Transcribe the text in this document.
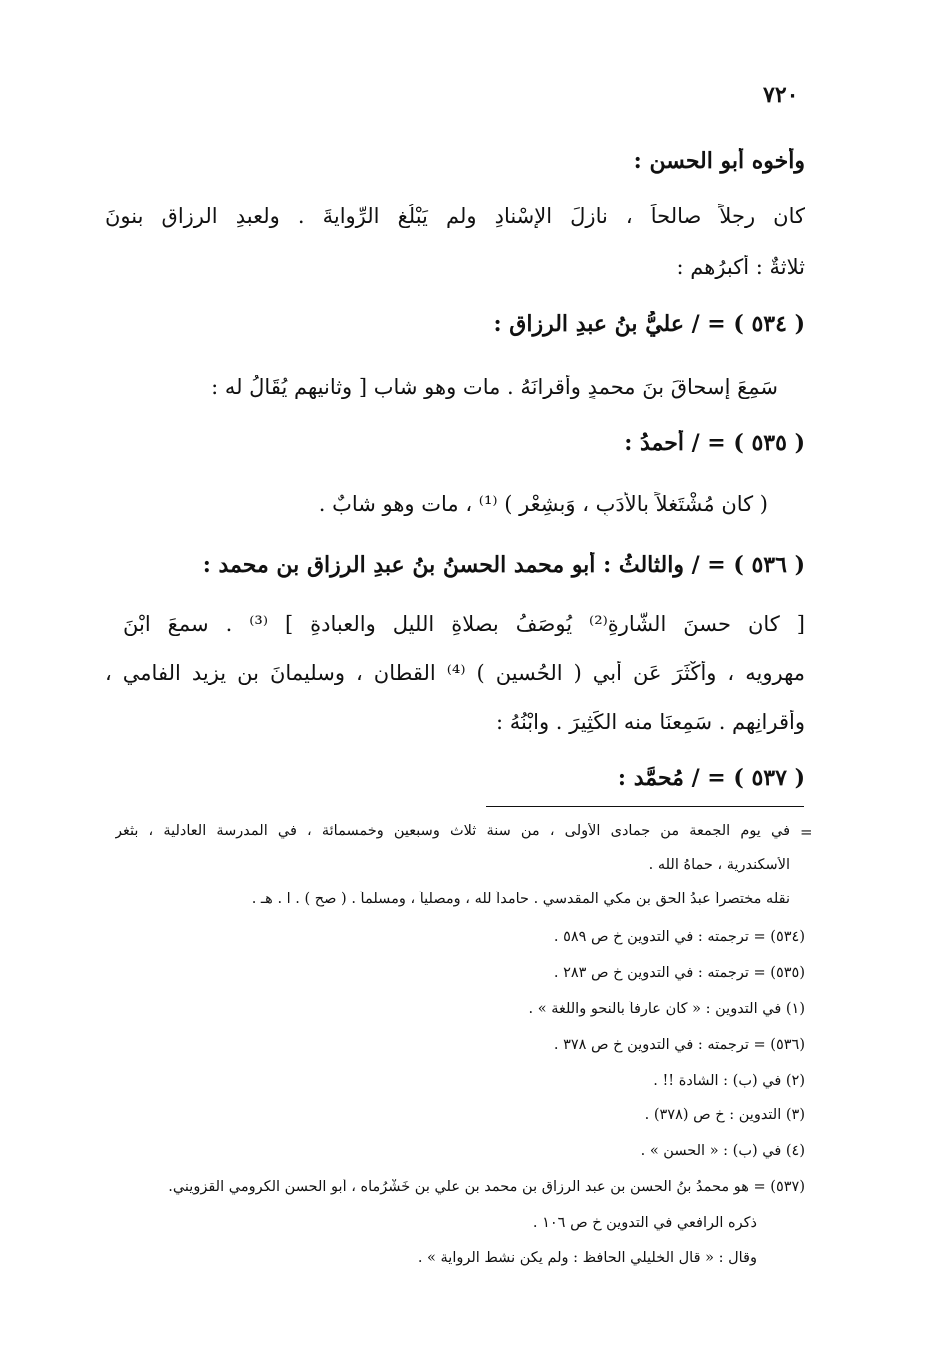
٧٢٠
وأخوه أبو الحسن :
كان رجلاً صالحاً ، نازلَ الإسْنادِ ولم يَبْلُغ الرِّوايةَ . ولعبدِ الرزاقِ بنونَ
ثلاثةٌ : أكبرُهم :
( ٥٣٤ ) = / عليُّ بنُ عبدِ الرزاق :
سَمِعَ إسحاقَ بنَ محمدٍ وأقرانَهُ . مات وهو شاب [ وثانيهم يُقَالُ له :
( ٥٣٥ ) = / أحمدُ :
( كان مُشْتَغلاً بالأَدَبِ ، وَبشِعْرٍ ) ⁽¹⁾ ، مات وهو شابٌ .
( ٥٣٦ ) = / والثالثُ : أبو محمد الحسنُ بنُ عبدِ الرزاق بنِ محمد :
[ كان حسنَ الشَّارةِ⁽²⁾ يُوصَفُ بصلاةِ الليلِ والعبادةِ ] ⁽³⁾ . سمعَ ابْنَ
مهرويه ، وأَكْثَرَ عَن أبي ( الحُسين ) ⁽⁴⁾ القطانِ ، وسليمانَ بن يزيد الفامي ،
وأقرانِهم . سَمِعنَا منه الكَثِيرَ . وابْنُهُ :
( ٥٣٧ ) = / مُحمَّد :
=
في يوم الجمعة من جمادى الأولى ، من سنة ثلاث وسبعين وخمسمائة ، في المدرسة العادلية ، بثغر
الأسكندرية ، حماهُ الله .
نقله مختصراً عبدُ الحق بن مكي المقدسي . حامداً لله ، ومصلياً ، ومسلماً . ( صح ) . ا . هـ .
(٥٣٤) = ترجمته : في التدوين خ ص ٥٨٩ .
(٥٣٥) = ترجمته : في التدوين خ ص ٢٨٣ .
(١) في التدوين : « كان عارفاً بالنحو واللغة » .
(٥٣٦) = ترجمته : في التدوين خ ص ٣٧٨ .
(٢) في (ب) : الشادة !! .
(٣) التدوين : خ ص (٣٧٨) .
(٤) في (ب) : « الحسن » .
(٥٣٧) = هو محمدُ بنُ الحسن بن عبد الرزاق بن محمد بن علي بن خَشْرُماه ، أبو الحسن الكرومي القزويني.
ذكره الرافعي في التدوين خ ص ١٠٦ .
وقال : « قال الخليلي الحافظ : ولم يكن نشط الرواية » .
